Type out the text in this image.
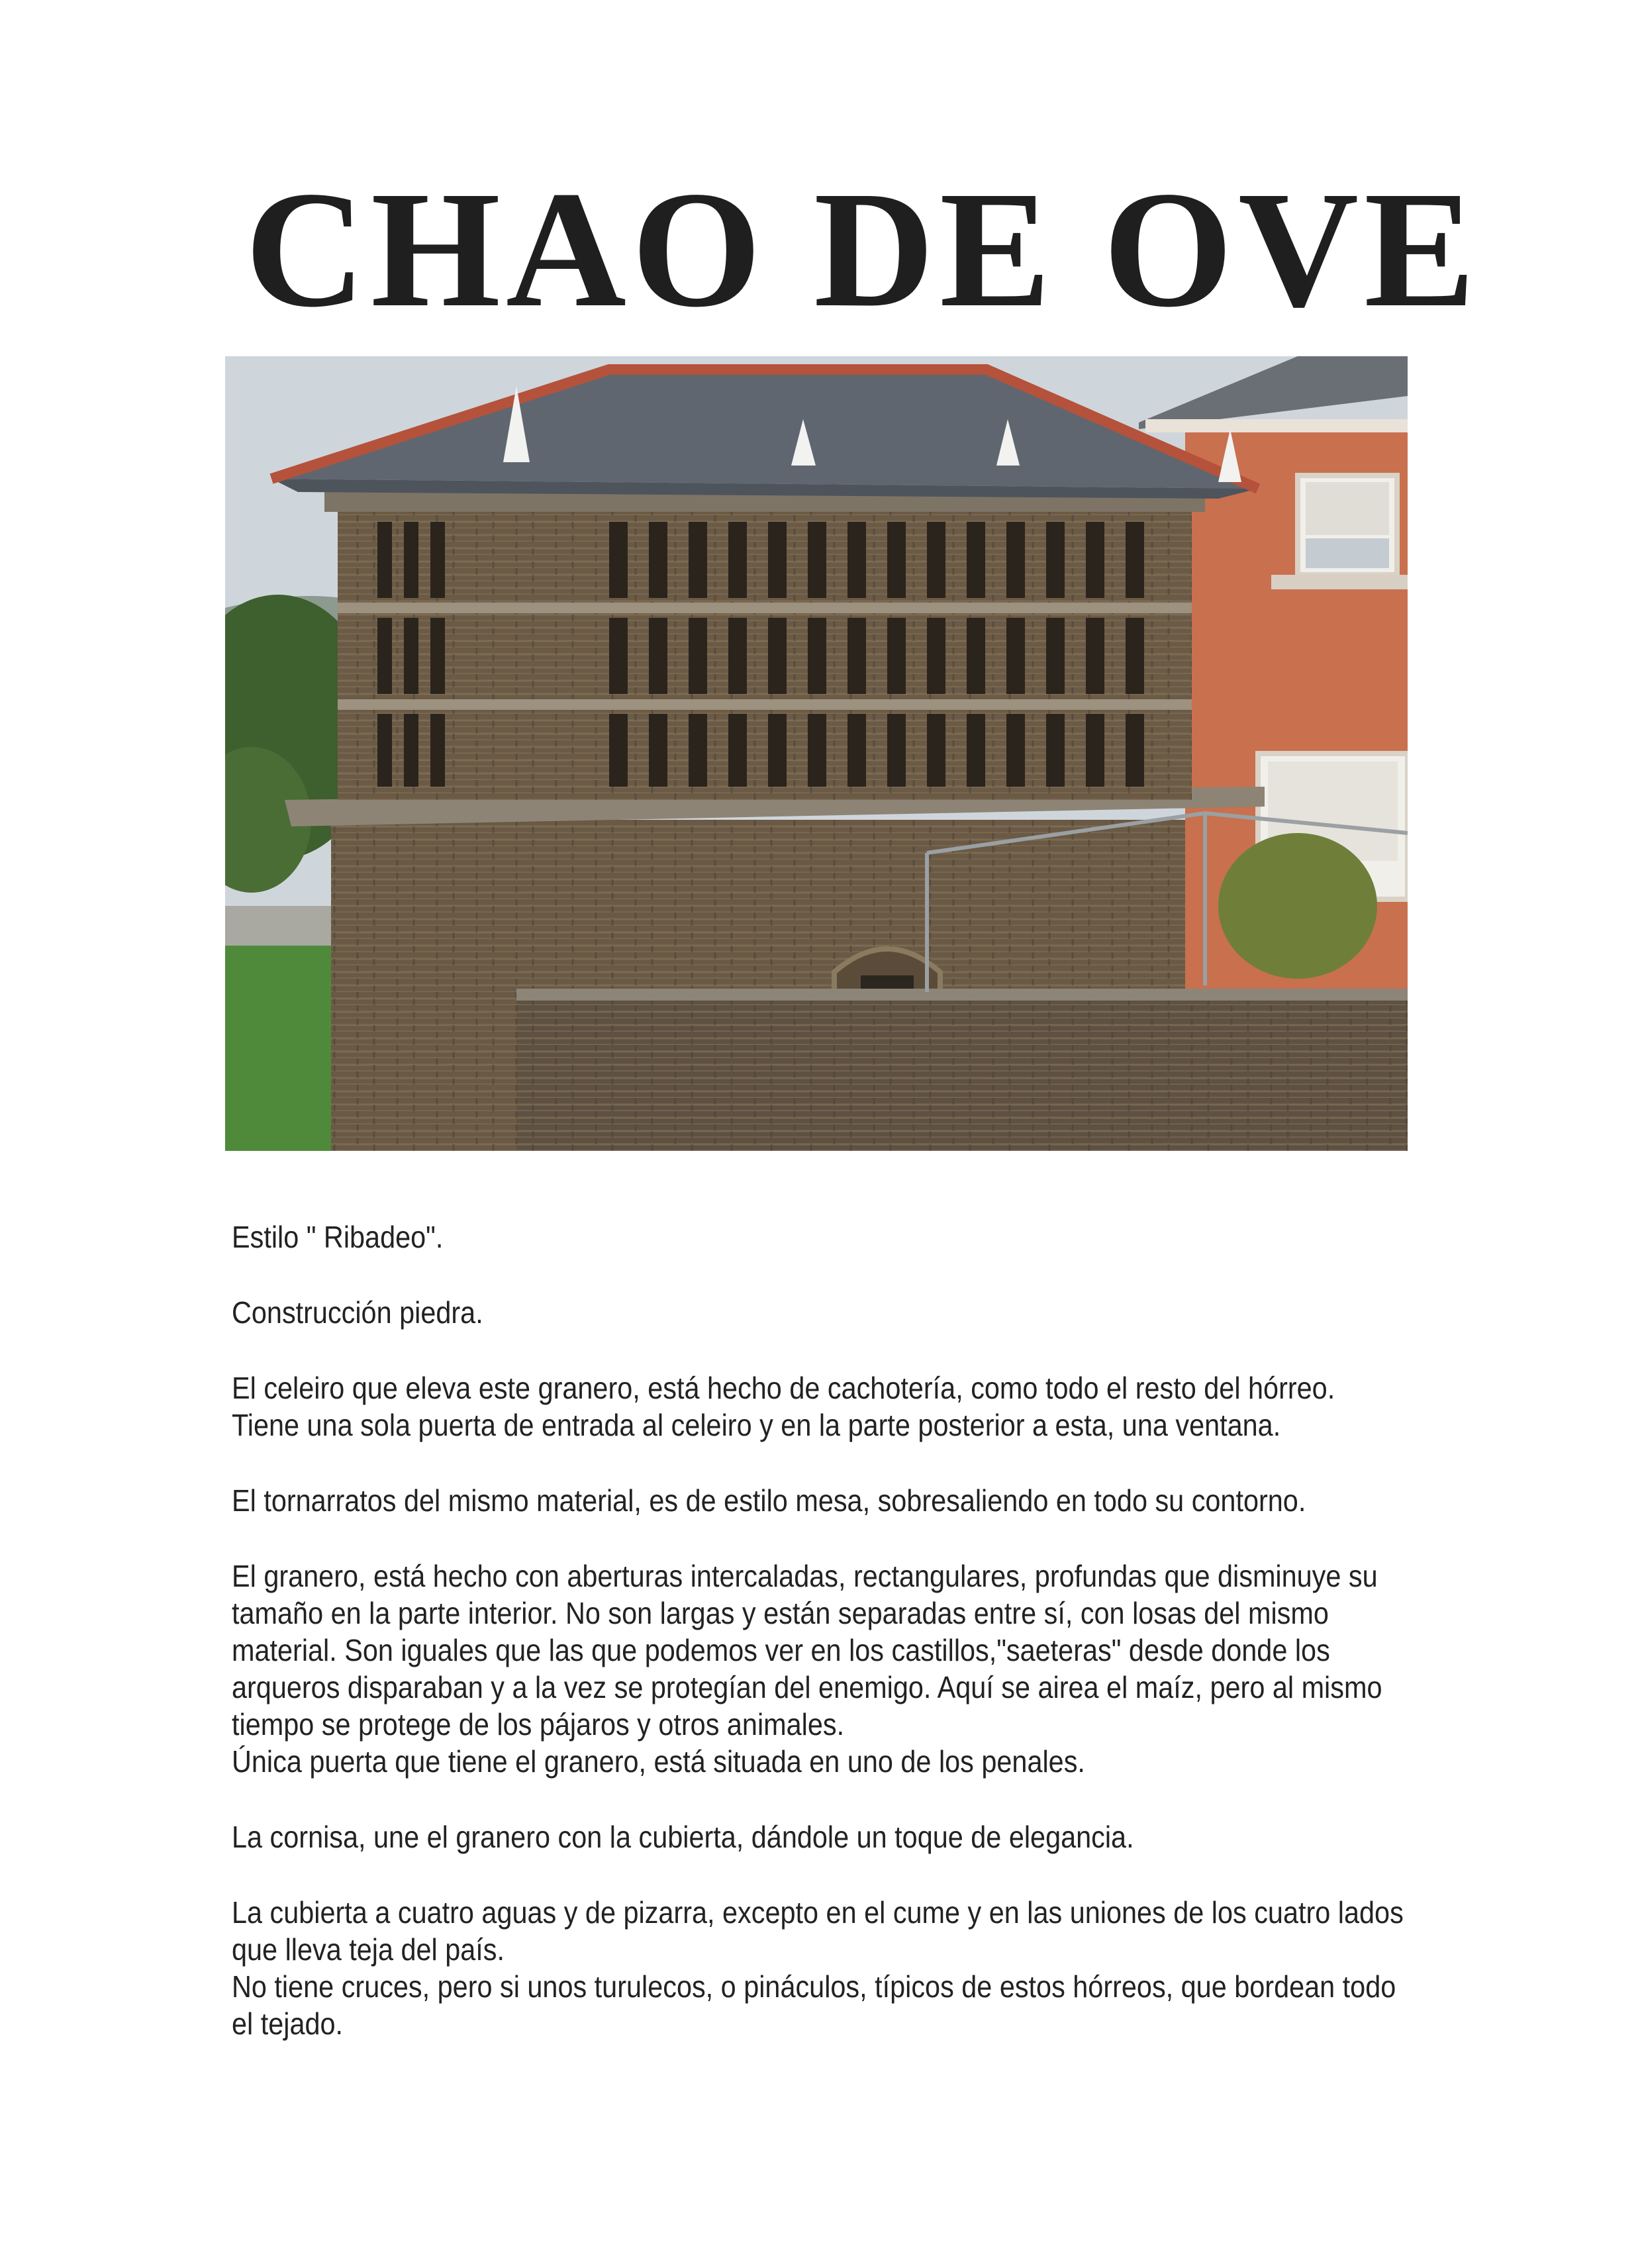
CHAO DE OVE

Estilo " Ribadeo".

Construcción piedra.

El celeiro que eleva este granero, está hecho de cachotería, como todo el resto del hórreo.
Tiene una sola puerta de entrada al celeiro y en la parte posterior a esta, una ventana.

El tornarratos del mismo material, es de estilo mesa, sobresaliendo en todo su contorno.

El granero, está hecho con aberturas intercaladas, rectangulares, profundas que disminuye su
tamaño en la parte interior. No son largas y están separadas entre sí, con losas del mismo
material. Son iguales que las que podemos ver en los castillos,"saeteras" desde donde los
arqueros disparaban y a la vez se protegían del enemigo. Aquí se airea el maíz, pero al mismo
tiempo se protege de los pájaros y otros animales.
Única puerta que tiene el granero, está situada en uno de los penales.

La cornisa, une el granero con la cubierta, dándole un toque de elegancia.

La cubierta a cuatro aguas y de pizarra, excepto en el cume y en las uniones de los cuatro lados
que lleva teja del país.
No tiene cruces, pero si unos turulecos, o pináculos, típicos de estos hórreos, que bordean todo
el tejado.
